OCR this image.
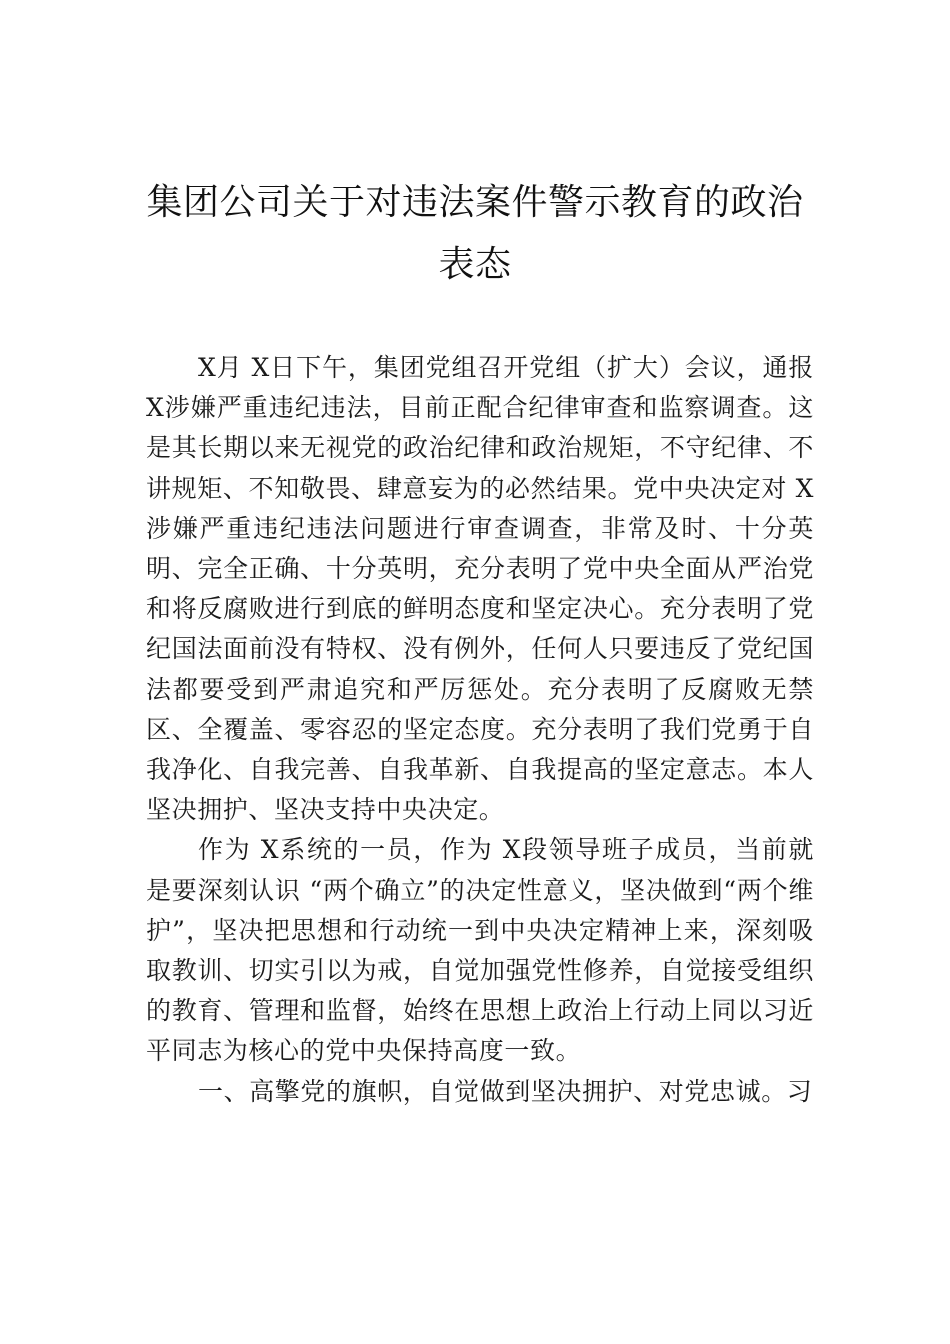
集团公司关于对违法案件警示教育的政治
表态

X月 X日下午，集团党组召开党组（扩大）会议，通报X涉嫌严重违纪违法，目前正配合纪律审查和监察调查。这是其长期以来无视党的政治纪律和政治规矩，不守纪律、不讲规矩、不知敬畏、肆意妄为的必然结果。党中央决定对 X涉嫌严重违纪违法问题进行审查调查，非常及时、十分英明、完全正确、十分英明，充分表明了党中央全面从严治党和将反腐败进行到底的鲜明态度和坚定决心。充分表明了党纪国法面前没有特权、没有例外，任何人只要违反了党纪国法都要受到严肃追究和严厉惩处。充分表明了反腐败无禁区、全覆盖、零容忍的坚定态度。充分表明了我们党勇于自我净化、自我完善、自我革新、自我提高的坚定意志。本人坚决拥护、坚决支持中央决定。

作为 X系统的一员，作为 X段领导班子成员，当前就是要深刻认识 “两个确立”的决定性意义，坚决做到“两个维护”，坚决把思想和行动统一到中央决定精神上来，深刻吸取教训、切实引以为戒，自觉加强党性修养，自觉接受组织的教育、管理和监督，始终在思想上政治上行动上同以习近平同志为核心的党中央保持高度一致。

一、高擎党的旗帜，自觉做到坚决拥护、对党忠诚。习
